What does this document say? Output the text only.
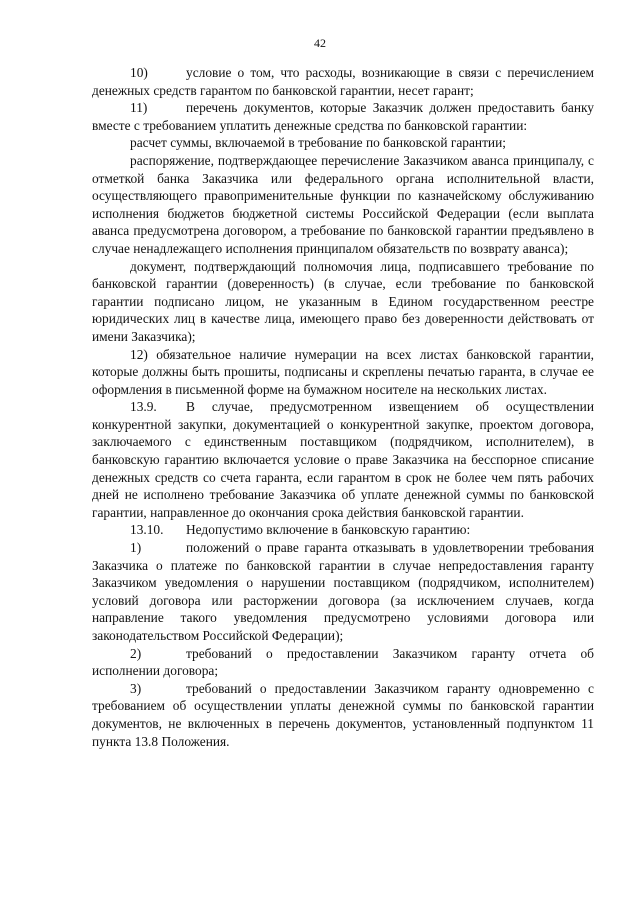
42

10)	условие о том, что расходы, возникающие в связи с перечислением денежных средств гарантом по банковской гарантии, несет гарант;

11)	перечень документов, которые Заказчик должен предоставить банку вместе с требованием уплатить денежные средства по банковской гарантии:

расчет суммы, включаемой в требование по банковской гарантии;

распоряжение, подтверждающее перечисление Заказчиком аванса принципалу, с отметкой банка Заказчика или федерального органа исполнительной власти, осуществляющего правоприменительные функции по казначейскому обслуживанию исполнения бюджетов бюджетной системы Российской Федерации (если выплата аванса предусмотрена договором, а требование по банковской гарантии предъявлено в случае ненадлежащего исполнения принципалом обязательств по возврату аванса);

документ, подтверждающий полномочия лица, подписавшего требование по банковской гарантии (доверенность) (в случае, если требование по банковской гарантии подписано лицом, не указанным в Едином государственном реестре юридических лиц в качестве лица, имеющего право без доверенности действовать от имени Заказчика);

12) обязательное наличие нумерации на всех листах банковской гарантии, которые должны быть прошиты, подписаны и скреплены печатью гаранта, в случае ее оформления в письменной форме на бумажном носителе на нескольких листах.

13.9. В случае, предусмотренном извещением об осуществлении конкурентной закупки, документацией о конкурентной закупке, проектом договора, заключаемого с единственным поставщиком (подрядчиком, исполнителем), в банковскую гарантию включается условие о праве Заказчика на бесспорное списание денежных средств со счета гаранта, если гарантом в срок не более чем пять рабочих дней не исполнено требование Заказчика об уплате денежной суммы по банковской гарантии, направленное до окончания срока действия банковской гарантии.

13.10. Недопустимо включение в банковскую гарантию:

1)	положений о праве гаранта отказывать в удовлетворении требования Заказчика о платеже по банковской гарантии в случае непредоставления гаранту Заказчиком уведомления о нарушении поставщиком (подрядчиком, исполнителем) условий договора или расторжении договора (за исключением случаев, когда направление такого уведомления предусмотрено условиями договора или законодательством Российской Федерации);

2)	требований о предоставлении Заказчиком гаранту отчета об исполнении договора;

3)	требований о предоставлении Заказчиком гаранту одновременно с требованием об осуществлении уплаты денежной суммы по банковской гарантии документов, не включенных в перечень документов, установленный подпунктом 11 пункта 13.8 Положения.
